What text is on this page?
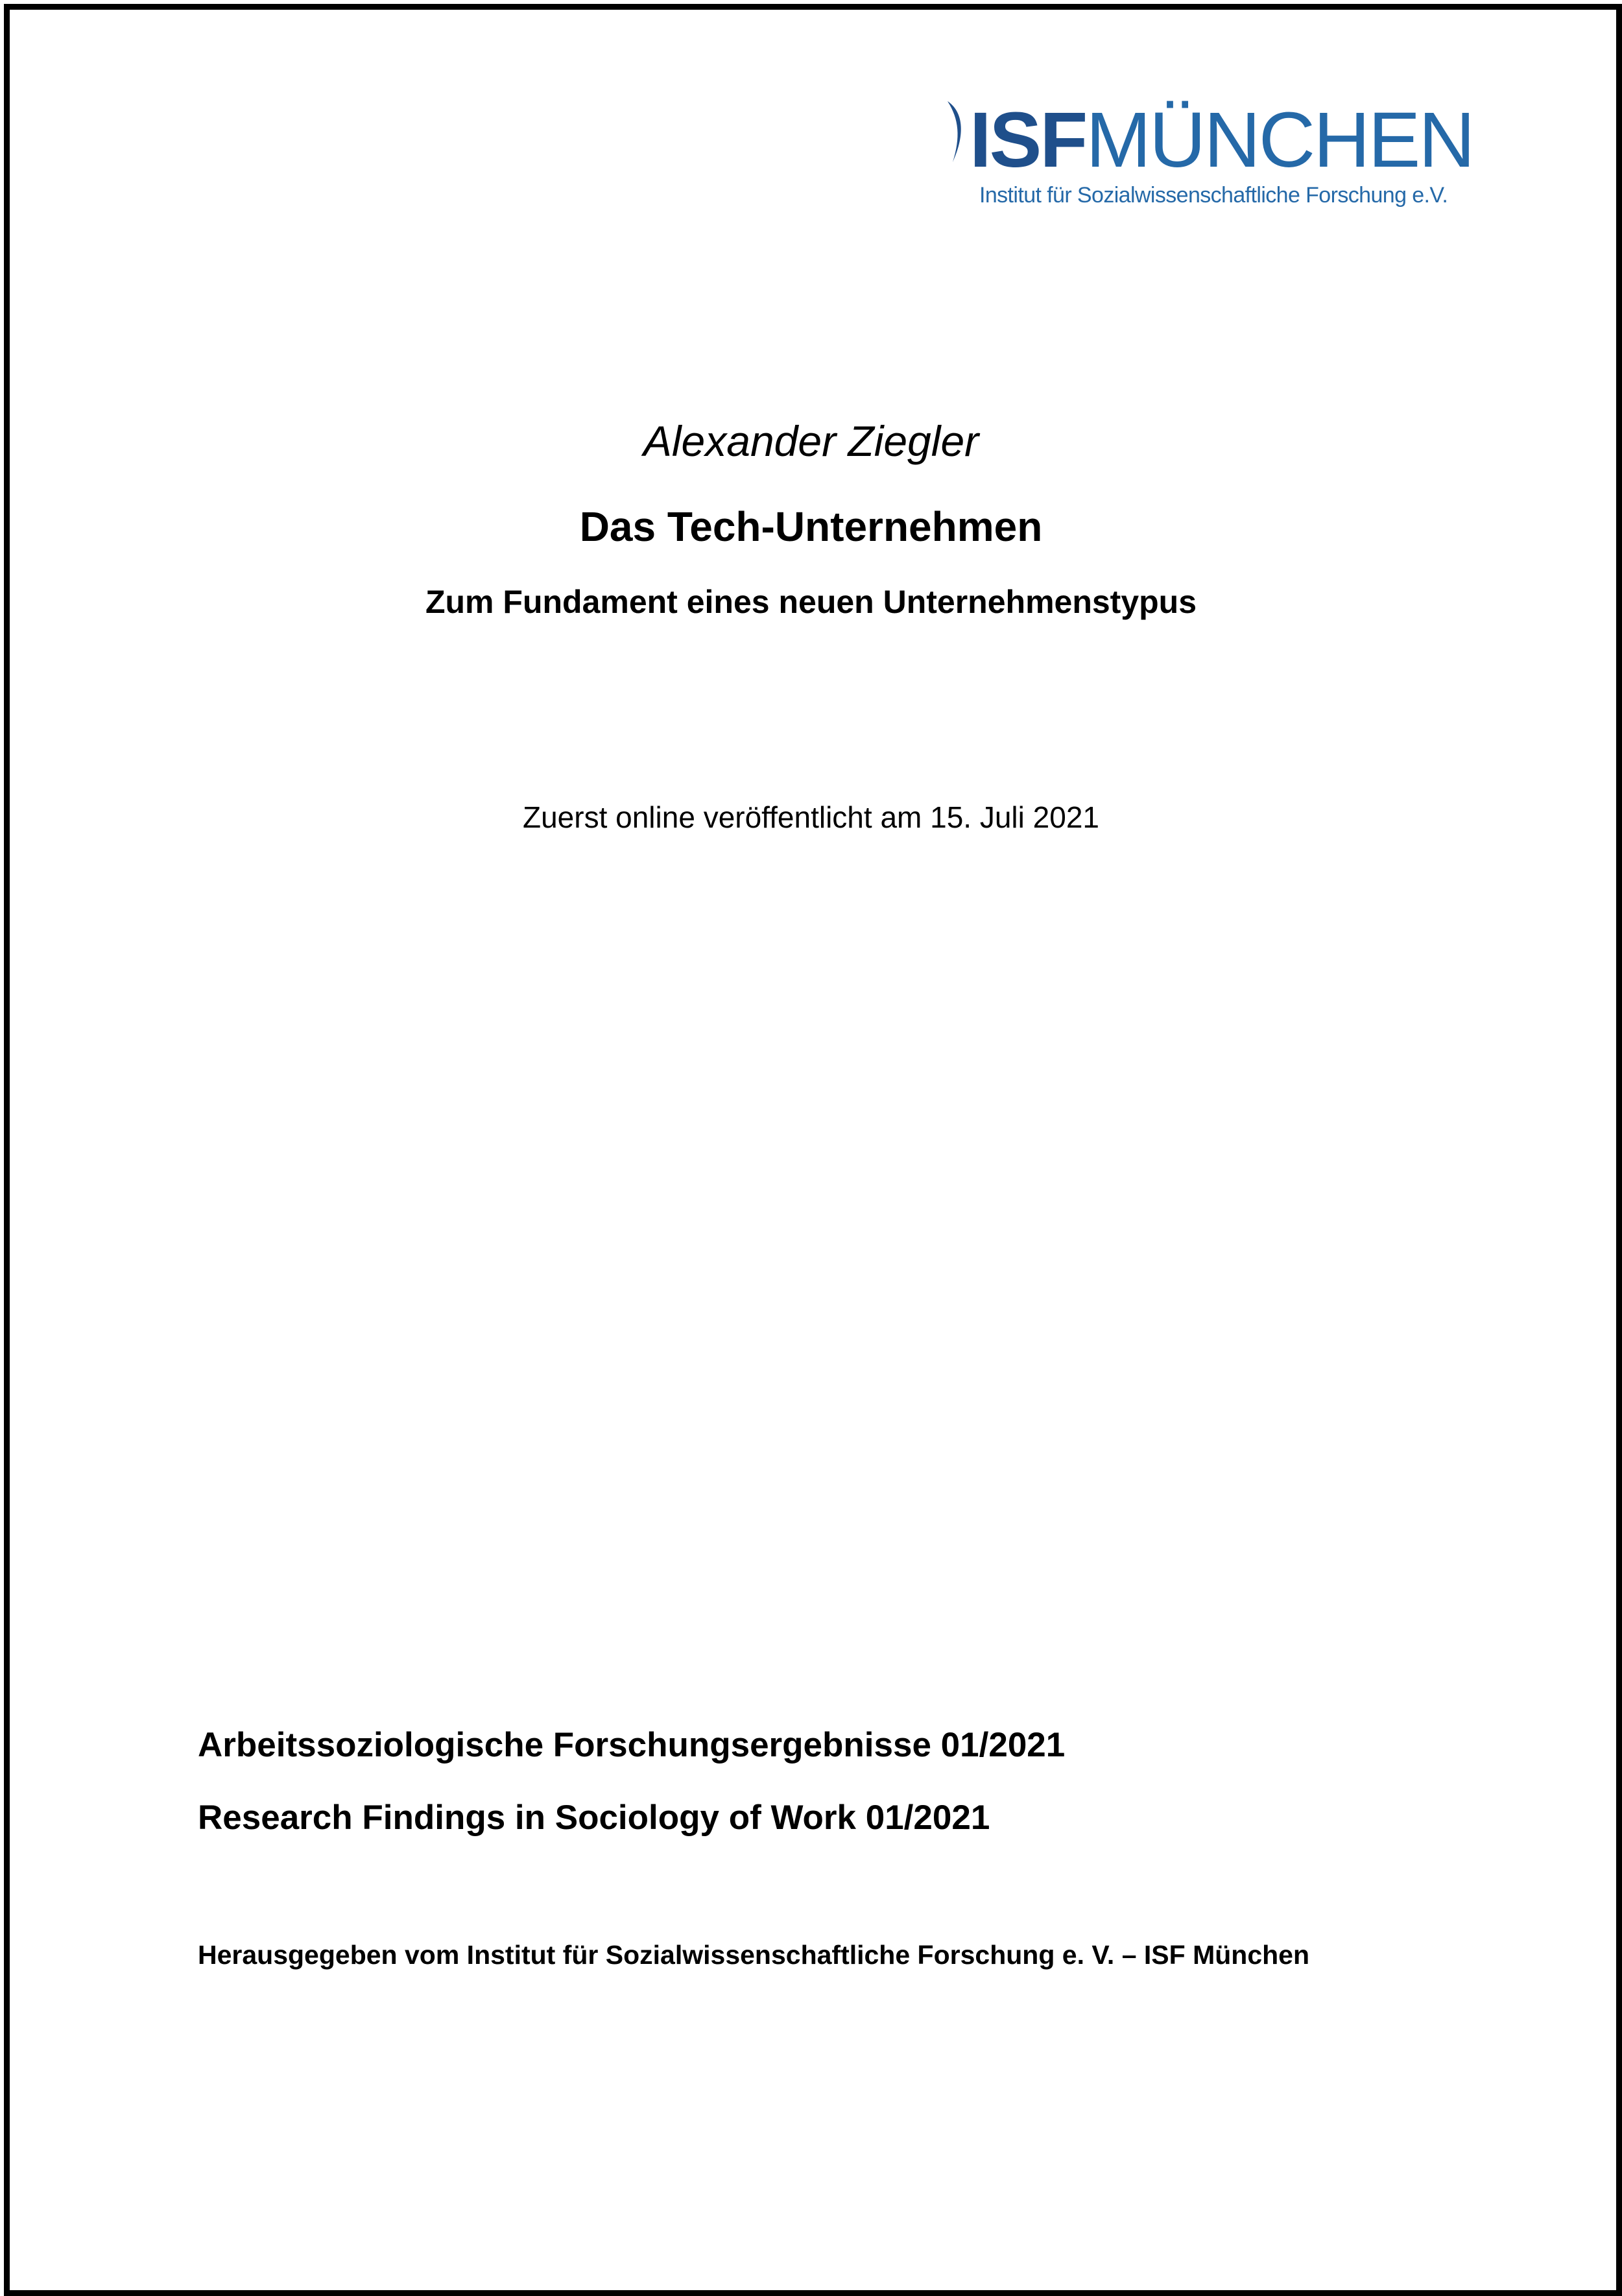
ISFMÜNCHEN
Institut für Sozialwissenschaftliche Forschung e.V.
Alexander Ziegler
Das Tech-Unternehmen
Zum Fundament eines neuen Unternehmenstypus
Zuerst online veröffentlicht am 15. Juli 2021
Arbeitssoziologische Forschungsergebnisse 01/2021
Research Findings in Sociology of Work 01/2021
Herausgegeben vom Institut für Sozialwissenschaftliche Forschung e. V. – ISF München
